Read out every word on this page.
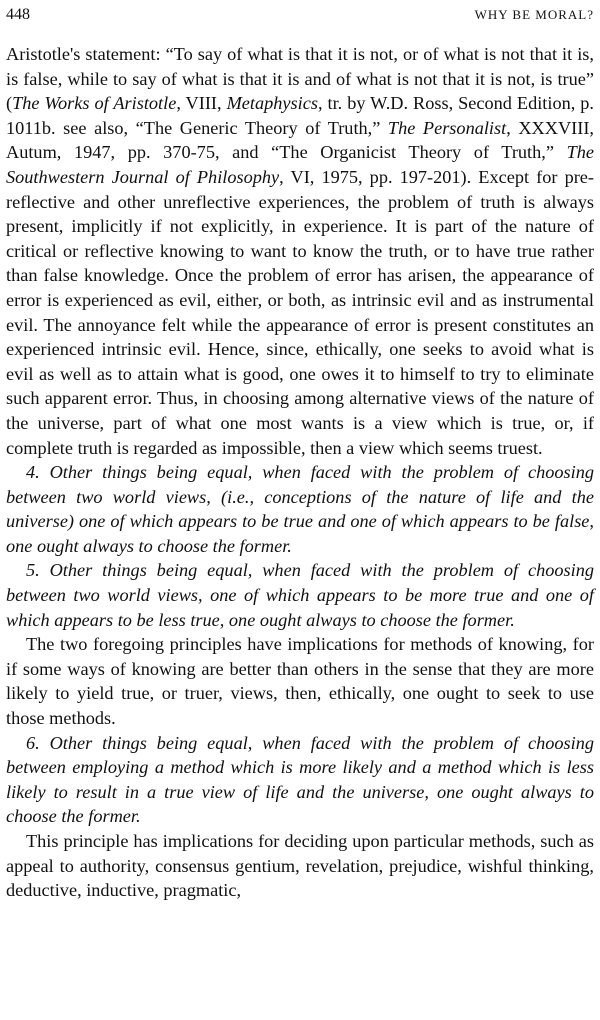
448	WHY BE MORAL?

Aristotle's statement: “To say of what is that it is not, or of what is not that it is, is false, while to say of what is that it is and of what is not that it is not, is true” (The Works of Aristotle, VIII, Metaphysics, tr. by W.D. Ross, Second Edition, p. 1011b. see also, “The Generic Theory of Truth,” The Personalist, XXXVIII, Autum, 1947, pp. 370-75, and “The Organicist Theory of Truth,” The Southwestern Journal of Philosophy, VI, 1975, pp. 197-201). Except for pre-reflective and other unreflective experiences, the problem of truth is always present, implicitly if not explicitly, in experience. It is part of the nature of critical or reflective knowing to want to know the truth, or to have true rather than false knowledge. Once the problem of error has arisen, the appearance of error is experienced as evil, either, or both, as intrinsic evil and as instrumental evil. The annoyance felt while the appearance of error is present constitutes an experienced intrinsic evil. Hence, since, ethically, one seeks to avoid what is evil as well as to attain what is good, one owes it to himself to try to eliminate such apparent error. Thus, in choosing among alternative views of the nature of the universe, part of what one most wants is a view which is true, or, if complete truth is regarded as impossible, then a view which seems truest.

4. Other things being equal, when faced with the problem of choosing between two world views, (i.e., conceptions of the nature of life and the universe) one of which appears to be true and one of which appears to be false, one ought always to choose the former.

5. Other things being equal, when faced with the problem of choosing between two world views, one of which appears to be more true and one of which appears to be less true, one ought always to choose the former.

The two foregoing principles have implications for methods of knowing, for if some ways of knowing are better than others in the sense that they are more likely to yield true, or truer, views, then, ethically, one ought to seek to use those methods.

6. Other things being equal, when faced with the problem of choosing between employing a method which is more likely and a method which is less likely to result in a true view of life and the universe, one ought always to choose the former.

This principle has implications for deciding upon particular methods, such as appeal to authority, consensus gentium, revelation, prejudice, wishful thinking, deductive, inductive, pragmatic,
